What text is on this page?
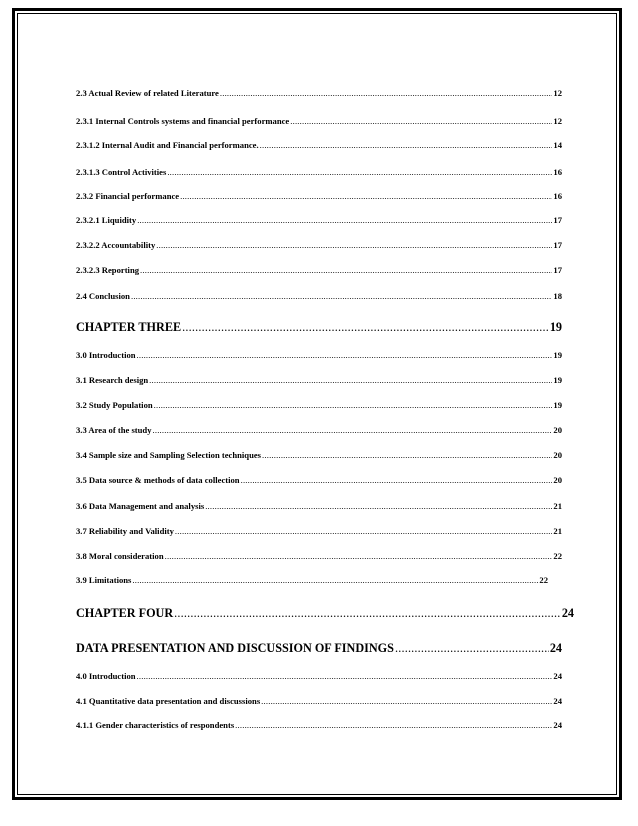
2.3 Actual Review of related Literature .....	12
2.3.1 Internal Controls systems and financial performance .....	12
2.3.1.2 Internal Audit and Financial performance. .....	14
2.3.1.3 Control Activities .....	16
2.3.2 Financial performance .....	16
2.3.2.1 Liquidity .....	17
2.3.2.2 Accountability .....	17
2.3.2.3 Reporting .....	17
2.4 Conclusion .....	18
CHAPTER THREE .....	19
3.0 Introduction .....	19
3.1 Research design .....	19
3.2 Study Population .....	19
3.3 Area of the study .....	20
3.4 Sample size and Sampling Selection techniques .....	20
3.5 Data source & methods of data collection .....	20
3.6 Data Management and analysis .....	21
3.7 Reliability and Validity .....	21
3.8 Moral consideration .....	22
3.9 Limitations .....	22
CHAPTER FOUR .....	24
DATA PRESENTATION AND DISCUSSION OF FINDINGS .....	24
4.0 Introduction .....	24
4.1 Quantitative data presentation and discussions .....	24
4.1.1 Gender characteristics of respondents .....	24
